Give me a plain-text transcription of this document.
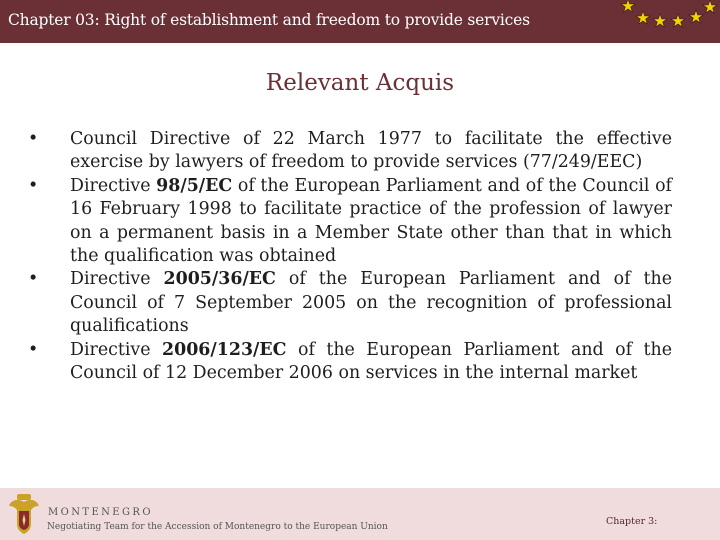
Chapter 03: Right of establishment and freedom to provide services
Relevant Acquis
•	Council Directive of 22 March 1977 to facilitate the effective exercise by lawyers of freedom to provide services (77/249/EEC)
•	Directive 98/5/EC of the European Parliament and of the Council of 16 February 1998 to facilitate practice of the profession of lawyer on a permanent basis in a Member State other than that in which the qualification was obtained
•	Directive 2005/36/EC of the European Parliament and of the Council of 7 September 2005 on the recognition of professional qualifications
•	Directive 2006/123/EC of the European Parliament and of the Council of 12 December 2006 on services in the internal market
MONTENEGRO
Negotiating Team for the Accession of Montenegro to the European Union	Chapter 3:
